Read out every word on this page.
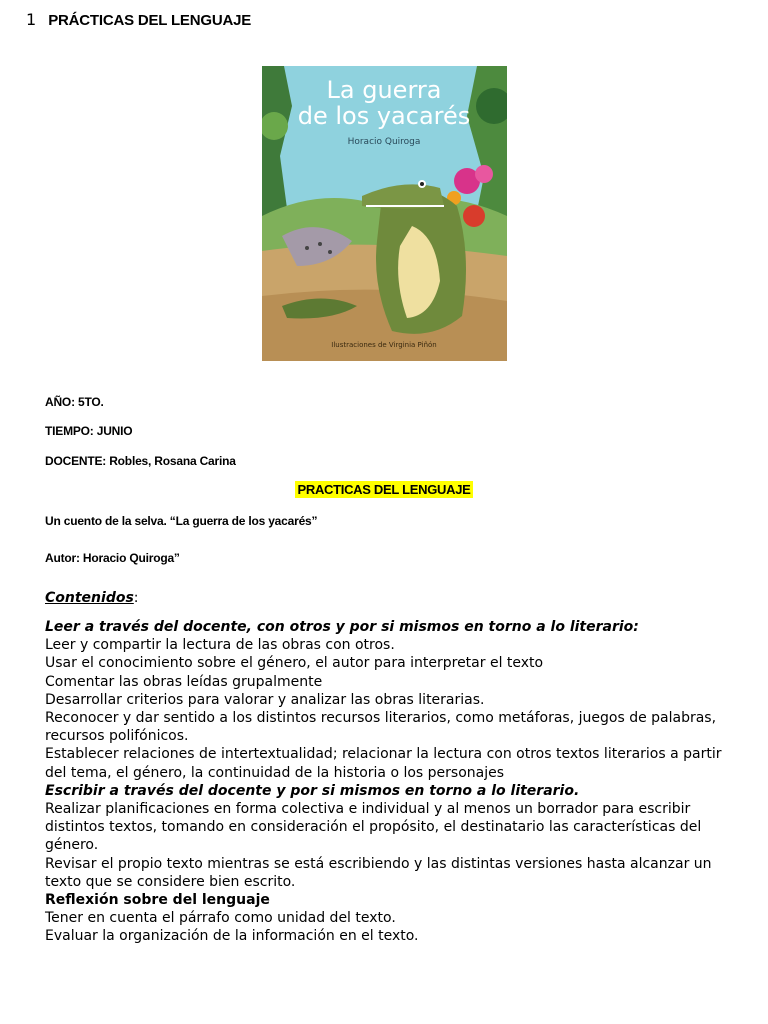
1 PRÁCTICAS DEL LENGUAJE
La guerra
de los yacarés
Horacio Quiroga
Ilustraciones de Virginia Piñón
AÑO: 5TO.
TIEMPO: JUNIO
DOCENTE: Robles, Rosana Carina
PRACTICAS DEL LENGUAJE
Un cuento de la selva. “La guerra de los yacarés”
Autor: Horacio Quiroga”
Contenidos:

Leer a través del docente, con otros y por si mismos en torno a lo literario:

Leer y compartir la lectura de las obras con otros.

Usar el conocimiento sobre el género, el autor para interpretar el texto

Comentar las obras leídas grupalmente

Desarrollar criterios para valorar y analizar las obras literarias.

Reconocer y dar sentido a los distintos recursos literarios, como metáforas, juegos de palabras, recursos polifónicos.

Establecer relaciones de intertextualidad; relacionar la lectura con otros textos literarios a partir del tema, el género, la continuidad de la historia o los personajes

Escribir a través del docente y por si mismos en torno a lo literario.

Realizar planificaciones en forma colectiva e individual y al menos un borrador para escribir distintos textos, tomando en consideración el propósito, el destinatario las características del género.

Revisar el propio texto mientras se está escribiendo y las distintas versiones hasta alcanzar un texto que se considere bien escrito.

Reflexión sobre del lenguaje

Tener en cuenta el párrafo como unidad del texto.

Evaluar la organización de la información en el texto.
